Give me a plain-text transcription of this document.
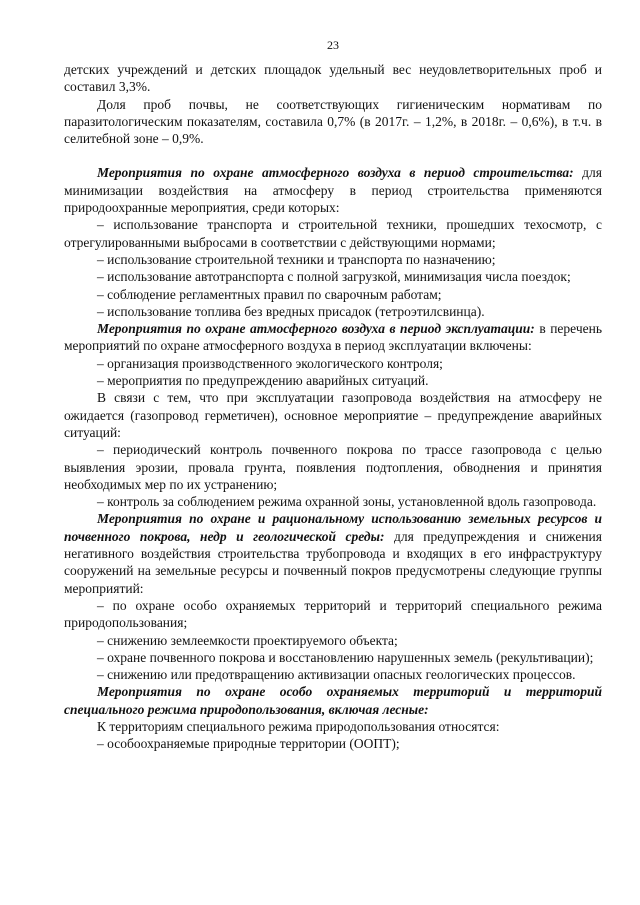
23

детских учреждений и детских площадок удельный вес неудовлетворительных проб и составил 3,3%.

Доля проб почвы, не соответствующих гигиеническим нормативам по паразитологическим показателям, составила 0,7% (в 2017г. – 1,2%, в 2018г. – 0,6%), в т.ч. в селитебной зоне – 0,9%.

Мероприятия по охране атмосферного воздуха в период строительства: для минимизации воздействия на атмосферу в период строительства применяются природоохранные мероприятия, среди которых:

– использование транспорта и строительной техники, прошедших техосмотр, с отрегулированными выбросами в соответствии с действующими нормами;

– использование строительной техники и транспорта по назначению;

– использование автотранспорта с полной загрузкой, минимизация числа поездок;

– соблюдение регламентных правил по сварочным работам;

– использование топлива без вредных присадок (тетроэтилсвинца).

Мероприятия по охране атмосферного воздуха в период эксплуатации: в перечень мероприятий по охране атмосферного воздуха в период эксплуатации включены:

– организация производственного экологического контроля;

– мероприятия по предупреждению аварийных ситуаций.

В связи с тем, что при эксплуатации газопровода воздействия на атмосферу не ожидается (газопровод герметичен), основное мероприятие – предупреждение аварийных ситуаций:

– периодический контроль почвенного покрова по трассе газопровода с целью выявления эрозии, провала грунта, появления подтопления, обводнения и принятия необходимых мер по их устранению;

– контроль за соблюдением режима охранной зоны, установленной вдоль газопровода.

Мероприятия по охране и рациональному использованию земельных ресурсов и почвенного покрова, недр и геологической среды: для предупреждения и снижения негативного воздействия строительства трубопровода и входящих в его инфраструктуру сооружений на земельные ресурсы и почвенный покров предусмотрены следующие группы мероприятий:

– по охране особо охраняемых территорий и территорий специального режима природопользования;

– снижению землеемкости проектируемого объекта;

– охране почвенного покрова и восстановлению нарушенных земель (рекультивации);

– снижению или предотвращению активизации опасных геологических процессов.

Мероприятия по охране особо охраняемых территорий и территорий специального режима природопользования, включая лесные:

К территориям специального режима природопользования относятся:

– особоохраняемые природные территории (ООПТ);
